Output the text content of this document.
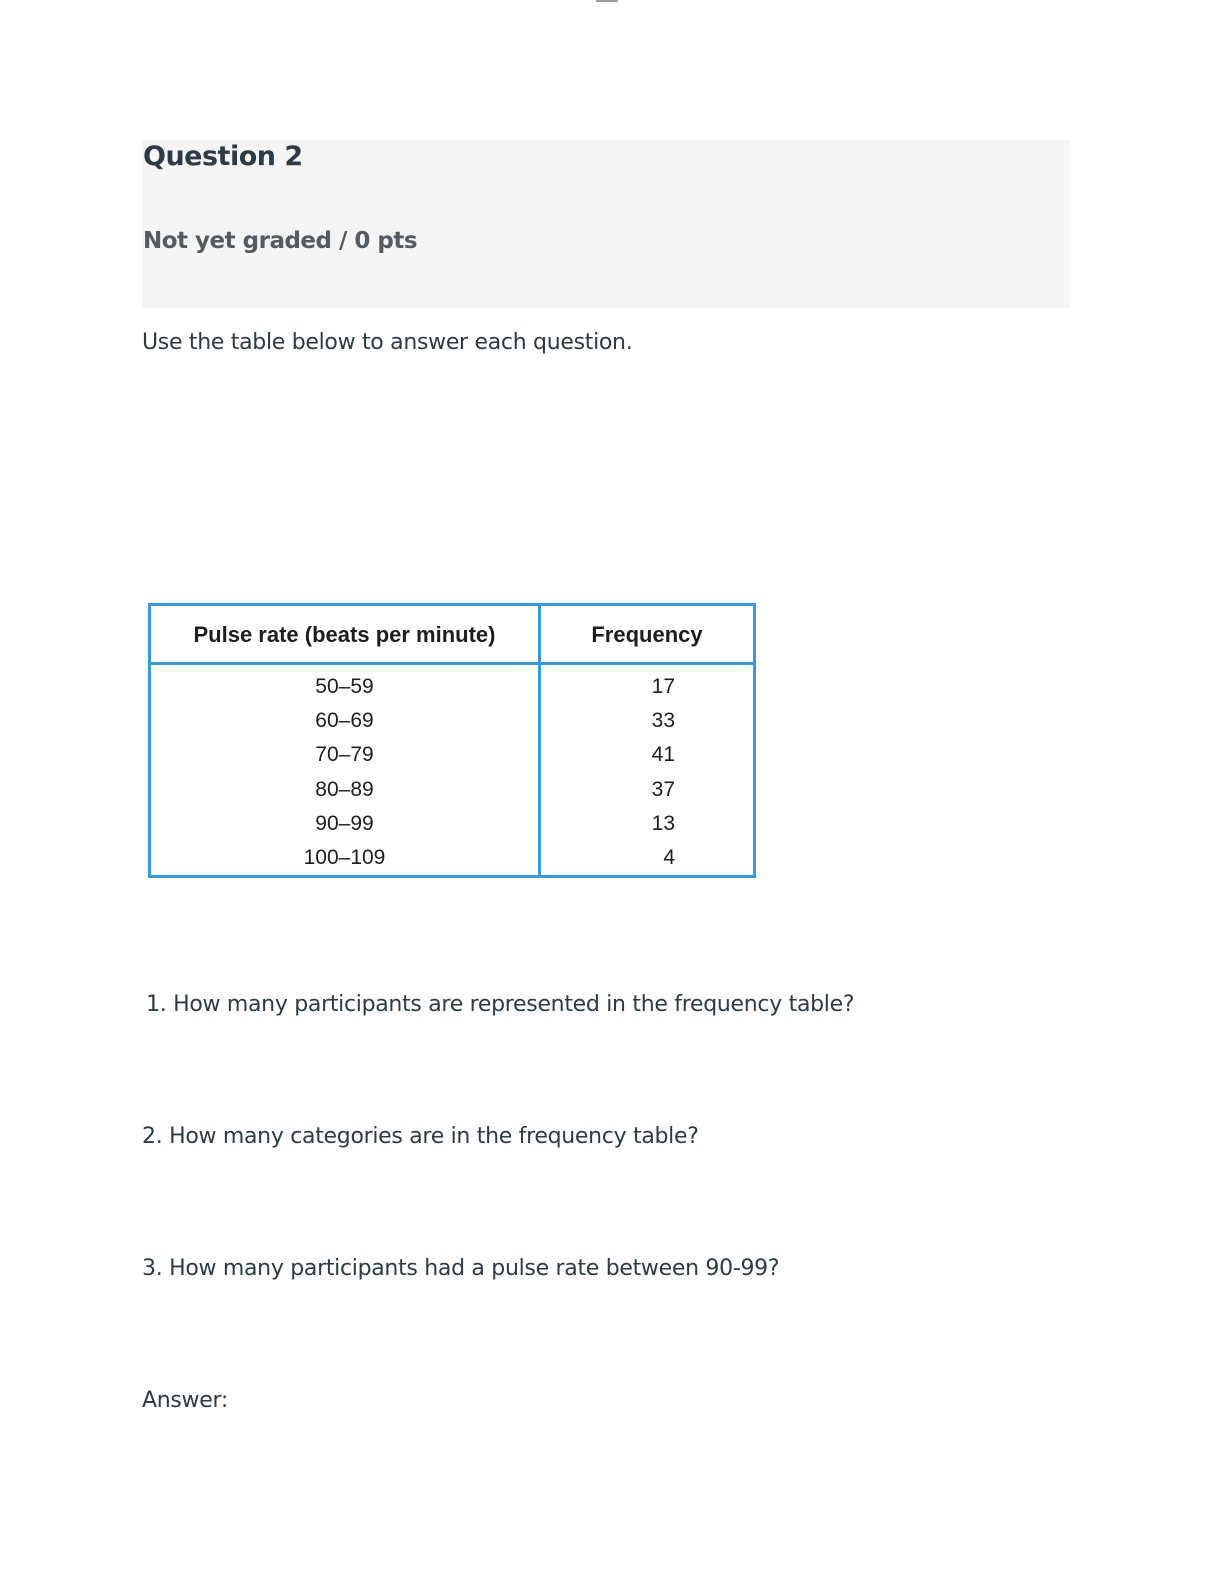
Question 2
Not yet graded / 0 pts

Use the table below to answer each question.

Pulse rate (beats per minute)	Frequency
50–59
60–69
70–79
80–89
90–99
100–109
17
33
41
37
13
4

1. How many participants are represented in the frequency table?

2. How many categories are in the frequency table?

3. How many participants had a pulse rate between 90-99?

Answer:
